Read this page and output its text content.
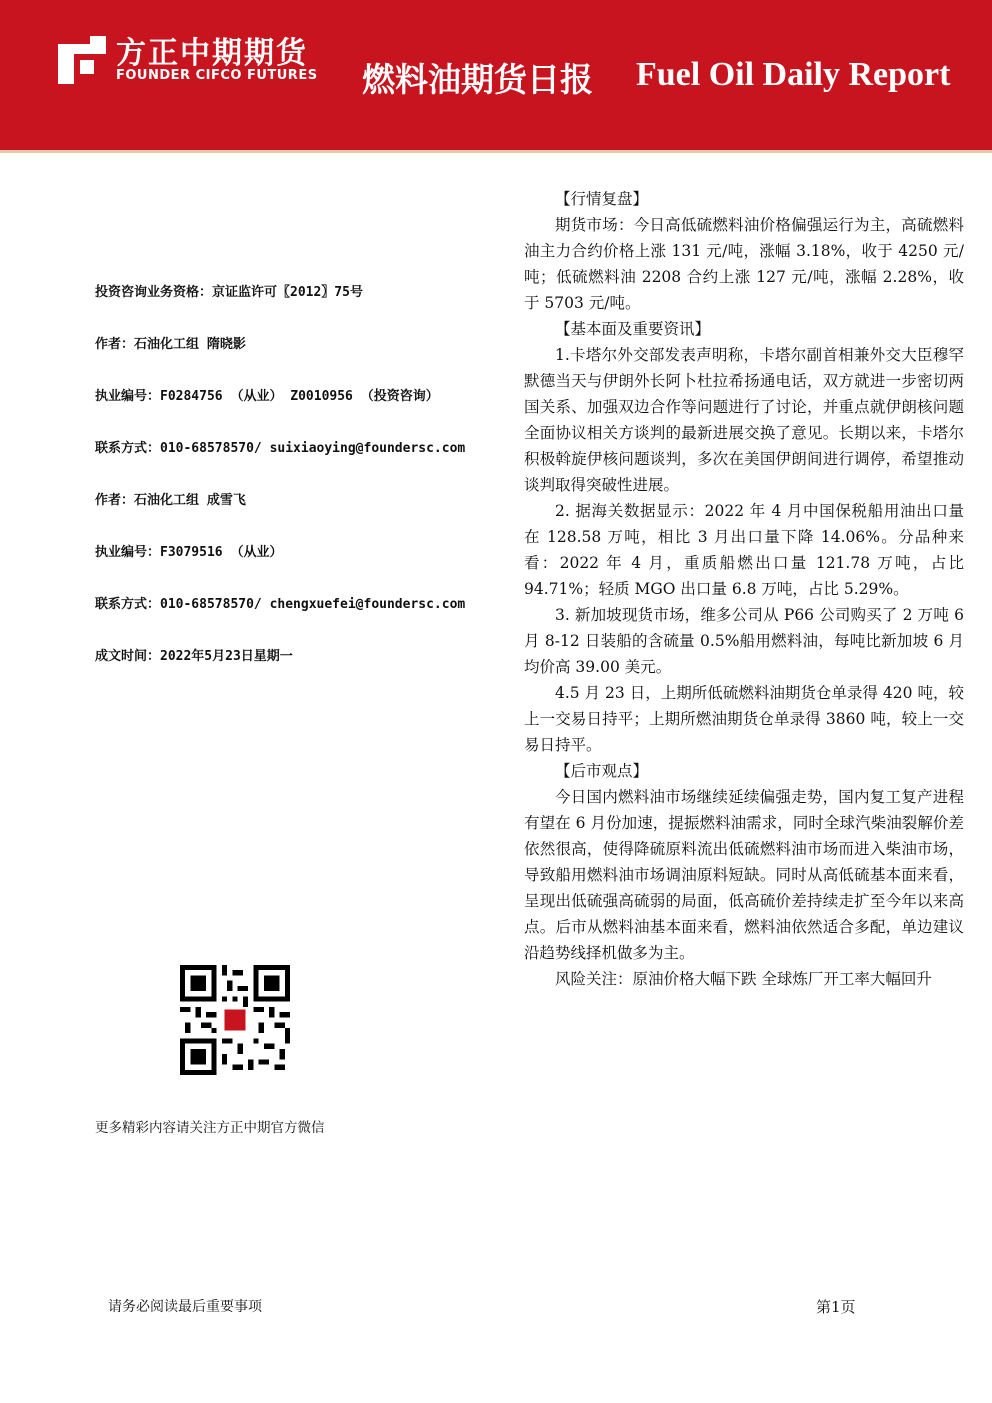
方正中期期货
FOUNDER CIFCO FUTURES 燃料油期货日报 Fuel Oil Daily Report
投资咨询业务资格：京证监许可〖2012〗75号
作者：石油化工组 隋晓影
执业编号：F0284756 （从业） Z0010956 （投资咨询）
联系方式：010-68578570/ suixiaoying@foundersc.com
作者：石油化工组 成雪飞
执业编号：F3079516 （从业）
联系方式：010-68578570/ chengxuefei@foundersc.com
成文时间：2022年5月23日星期一

【行情复盘】

期货市场：今日高低硫燃料油价格偏强运行为主，高硫燃料油主力合约价格上涨 131 元/吨，涨幅 3.18%，收于 4250 元/吨；低硫燃料油 2208 合约上涨 127 元/吨，涨幅 2.28%，收于 5703 元/吨。

【基本面及重要资讯】

1.卡塔尔外交部发表声明称，卡塔尔副首相兼外交大臣穆罕默德当天与伊朗外长阿卜杜拉希扬通电话，双方就进一步密切两国关系、加强双边合作等问题进行了讨论，并重点就伊朗核问题全面协议相关方谈判的最新进展交换了意见。长期以来，卡塔尔积极斡旋伊核问题谈判，多次在美国伊朗间进行调停，希望推动谈判取得突破性进展。

2. 据海关数据显示：2022 年 4 月中国保税船用油出口量在 128.58 万吨，相比 3 月出口量下降 14.06%。分品种来看：2022 年 4 月，重质船燃出口量 121.78 万吨，占比 94.71%；轻质 MGO 出口量 6.8 万吨，占比 5.29%。

3. 新加坡现货市场，维多公司从 P66 公司购买了 2 万吨 6 月 8-12 日装船的含硫量 0.5%船用燃料油，每吨比新加坡 6 月均价高 39.00 美元。

4.5 月 23 日，上期所低硫燃料油期货仓单录得 420 吨，较上一交易日持平；上期所燃油期货仓单录得 3860 吨，较上一交易日持平。

【后市观点】

今日国内燃料油市场继续延续偏强走势，国内复工复产进程有望在 6 月份加速，提振燃料油需求，同时全球汽柴油裂解价差依然很高，使得降硫原料流出低硫燃料油市场而进入柴油市场，导致船用燃料油市场调油原料短缺。同时从高低硫基本面来看，呈现出低硫强高硫弱的局面，低高硫价差持续走扩至今年以来高点。后市从燃料油基本面来看，燃料油依然适合多配，单边建议沿趋势线择机做多为主。

风险关注：原油价格大幅下跌 全球炼厂开工率大幅回升

更多精彩内容请关注方正中期官方微信
请务必阅读最后重要事项	第1页
